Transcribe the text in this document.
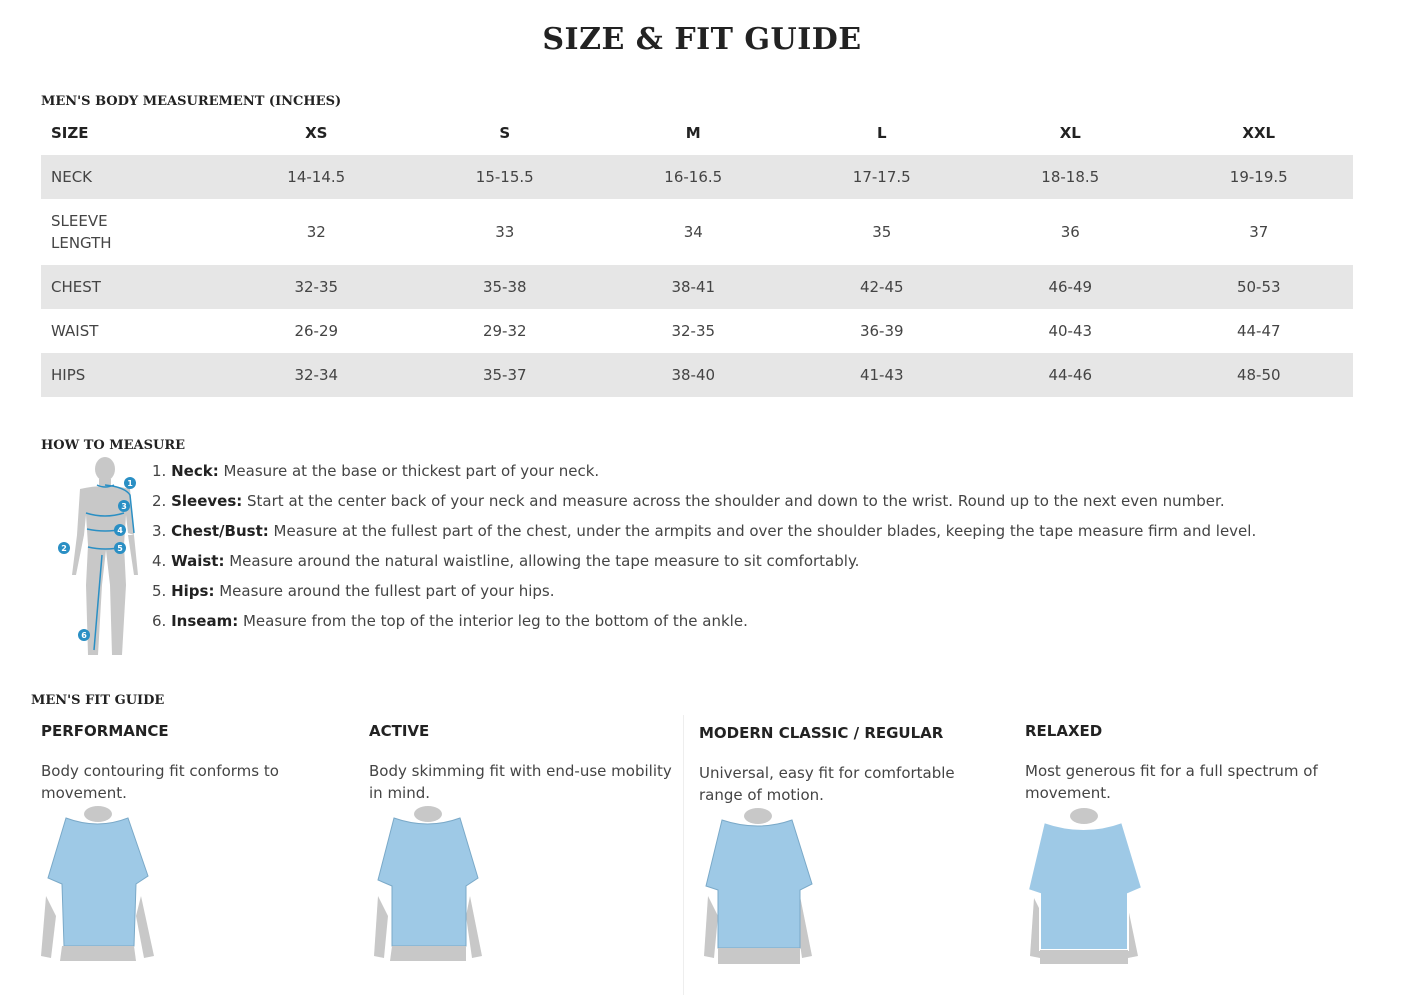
SIZE & FIT GUIDE
MEN'S BODY MEASUREMENT (INCHES)
SIZE	XS	S	M	L	XL	XXL
NECK	14-14.5	15-15.5	16-16.5	17-17.5	18-18.5	19-19.5
SLEEVE
LENGTH	32	33	34	35	36	37
CHEST	32-35	35-38	38-41	42-45	46-49	50-53
WAIST	26-29	29-32	32-35	36-39	40-43	44-47
HIPS	32-34	35-37	38-40	41-43	44-46	48-50
HOW TO MEASURE
1
2
3
4
5
6
1. Neck: Measure at the base or thickest part of your neck.
2. Sleeves: Start at the center back of your neck and measure across the shoulder and down to the wrist. Round up to the next even number.
3. Chest/Bust: Measure at the fullest part of the chest, under the armpits and over the shoulder blades, keeping the tape measure firm and level.
4. Waist: Measure around the natural waistline, allowing the tape measure to sit comfortably.
5. Hips: Measure around the fullest part of your hips.
6. Inseam: Measure from the top of the interior leg to the bottom of the ankle.
MEN'S FIT GUIDE
PERFORMANCE
Body contouring fit conforms to movement.
ACTIVE
Body skimming fit with end-use mobility in mind.
MODERN CLASSIC / REGULAR
Universal, easy fit for comfortable range of motion.
RELAXED
Most generous fit for a full spectrum of movement.
